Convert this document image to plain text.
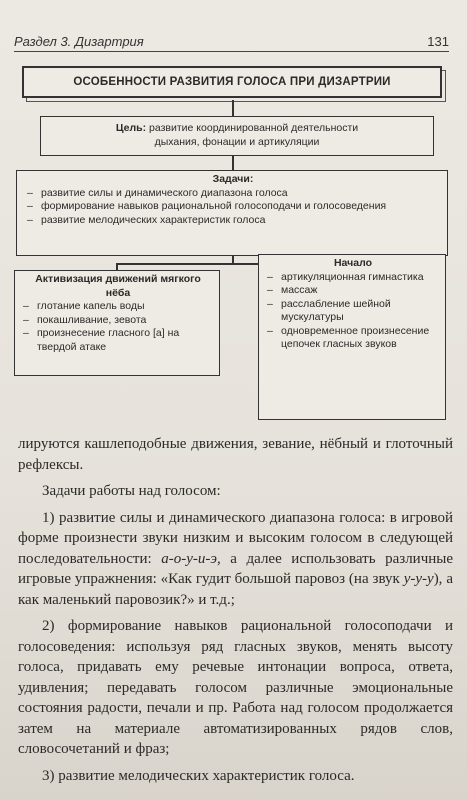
Раздел 3. Дизартрия	131
ОСОБЕННОСТИ РАЗВИТИЯ ГОЛОСА ПРИ ДИЗАРТРИИ
Цель: развитие координированной деятельности
дыхания, фонации и артикуляции
Задачи:
– развитие силы и динамического диапазона голоса
– формирование навыков рациональной голосоподачи и голосоведения
– развитие мелодических характеристик голоса
Активизация движений мягкого нёба
– глотание капель воды
– покашливание, зевота
– произнесение гласного [а] на твердой атаке
Начало
– артикуляционная гимнастика
– массаж
– расслабление шейной мускулатуры
– одновременное произнесение цепочек гласных звуков

лируются кашлеподобные движения, зевание, нёбный и глоточный рефлексы.

Задачи работы над голосом:

1) развитие силы и динамического диапазона голоса: в игровой форме произнести звуки низким и высоким голосом в следующей последовательности: а-о-у-и-э, а далее использовать различные игровые упражнения: «Как гудит большой паровоз (на звук у-у-у), а как маленький паровозик?» и т.д.;

2) формирование навыков рациональной голосоподачи и голосоведения: используя ряд гласных звуков, менять высоту голоса, придавать ему речевые интонации вопроса, ответа, удивления; передавать голосом различные эмоциональные состояния радости, печали и пр. Работа над голосом продолжается затем на материале автоматизированных рядов слов, словосочетаний и фраз;

3) развитие мелодических характеристик голоса.
